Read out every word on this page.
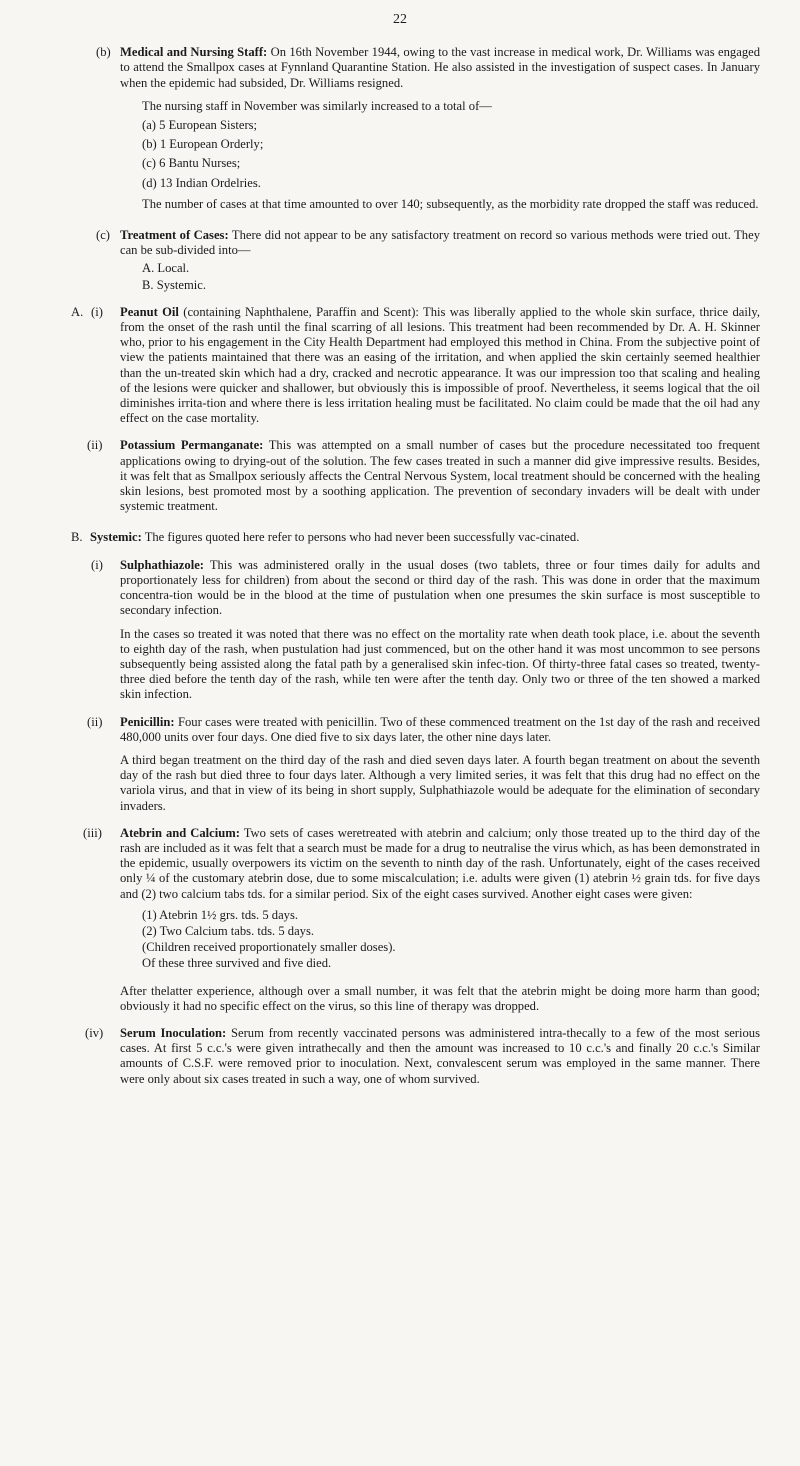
22
(b) Medical and Nursing Staff: On 16th November 1944, owing to the vast increase in medical work, Dr. Williams was engaged to attend the Smallpox cases at Fynnland Quarantine Station. He also assisted in the investigation of suspect cases. In January when the epidemic had subsided, Dr. Williams resigned.

The nursing staff in November was similarly increased to a total of—

(a) 5 European Sisters;
(b) 1 European Orderly;
(c) 6 Bantu Nurses;
(d) 13 Indian Ordelries.

The number of cases at that time amounted to over 140; subsequently, as the morbidity rate dropped the staff was reduced.

(c) Treatment of Cases: There did not appear to be any satisfactory treatment on record so various methods were tried out. They can be sub-divided into—

A. Local.
B. Systemic.
A. (i) Peanut Oil (containing Naphthalene, Paraffin and Scent): This was liberally applied to the whole skin surface, thrice daily, from the onset of the rash until the final scarring of all lesions. This treatment had been recommended by Dr. A. H. Skinner who, prior to his engagement in the City Health Department had employed this method in China. From the subjective point of view the patients maintained that there was an easing of the irritation, and when applied the skin certainly seemed healthier than the un-treated skin which had a dry, cracked and necrotic appearance. It was our impression too that scaling and healing of the lesions were quicker and shallower, but obviously this is impossible of proof. Nevertheless, it seems logical that the oil diminishes irrita-tion and where there is less irritation healing must be facilitated. No claim could be made that the oil had any effect on the case mortality.

(ii) Potassium Permanganate: This was attempted on a small number of cases but the procedure necessitated too frequent applications owing to drying-out of the solution. The few cases treated in such a manner did give impressive results. Besides, it was felt that as Smallpox seriously affects the Central Nervous System, local treatment should be concerned with the healing skin lesions, best promoted most by a soothing application. The prevention of secondary invaders will be dealt with under systemic treatment.

B. Systemic: The figures quoted here refer to persons who had never been successfully vac-cinated.

(i) Sulphathiazole: This was administered orally in the usual doses (two tablets, three or four times daily for adults and proportionately less for children) from about the second or third day of the rash. This was done in order that the maximum concentra-tion would be in the blood at the time of pustulation when one presumes the skin surface is most susceptible to secondary infection.

In the cases so treated it was noted that there was no effect on the mortality rate when death took place, i.e. about the seventh to eighth day of the rash, when pustulation had just commenced, but on the other hand it was most uncommon to see persons subsequently being assisted along the fatal path by a generalised skin infec-tion. Of thirty-three fatal cases so treated, twenty-three died before the tenth day of the rash, while ten were after the tenth day. Only two or three of the ten showed a marked skin infection.

(ii) Penicillin: Four cases were treated with penicillin. Two of these commenced treatment on the 1st day of the rash and received 480,000 units over four days. One died five to six days later, the other nine days later.

A third began treatment on the third day of the rash and died seven days later. A fourth began treatment on about the seventh day of the rash but died three to four days later. Although a very limited series, it was felt that this drug had no effect on the variola virus, and that in view of its being in short supply, Sulphathiazole would be adequate for the elimination of secondary invaders.

(iii) Atebrin and Calcium: Two sets of cases weretreated with atebrin and calcium; only those treated up to the third day of the rash are included as it was felt that a search must be made for a drug to neutralise the virus which, as has been demonstrated in the epidemic, usually overpowers its victim on the seventh to ninth day of the rash. Unfortunately, eight of the cases received only ¼ of the customary atebrin dose, due to some miscalculation; i.e. adults were given (1) atebrin ½ grain tds. for five days and (2) two calcium tabs tds. for a similar period. Six of the eight cases survived. Another eight cases were given:

(1) Atebrin 1½ grs. tds. 5 days.
(2) Two Calcium tabs. tds. 5 days.
(Children received proportionately smaller doses).
Of these three survived and five died.

After thelatter experience, although over a small number, it was felt that the atebrin might be doing more harm than good; obviously it had no specific effect on the virus, so this line of therapy was dropped.

(iv) Serum Inoculation: Serum from recently vaccinated persons was administered intra-thecally to a few of the most serious cases. At first 5 c.c.'s were given intrathecally and then the amount was increased to 10 c.c.'s and finally 20 c.c.'s Similar amounts of C.S.F. were removed prior to inoculation. Next, convalescent serum was employed in the same manner. There were only about six cases treated in such a way, one of whom survived.
